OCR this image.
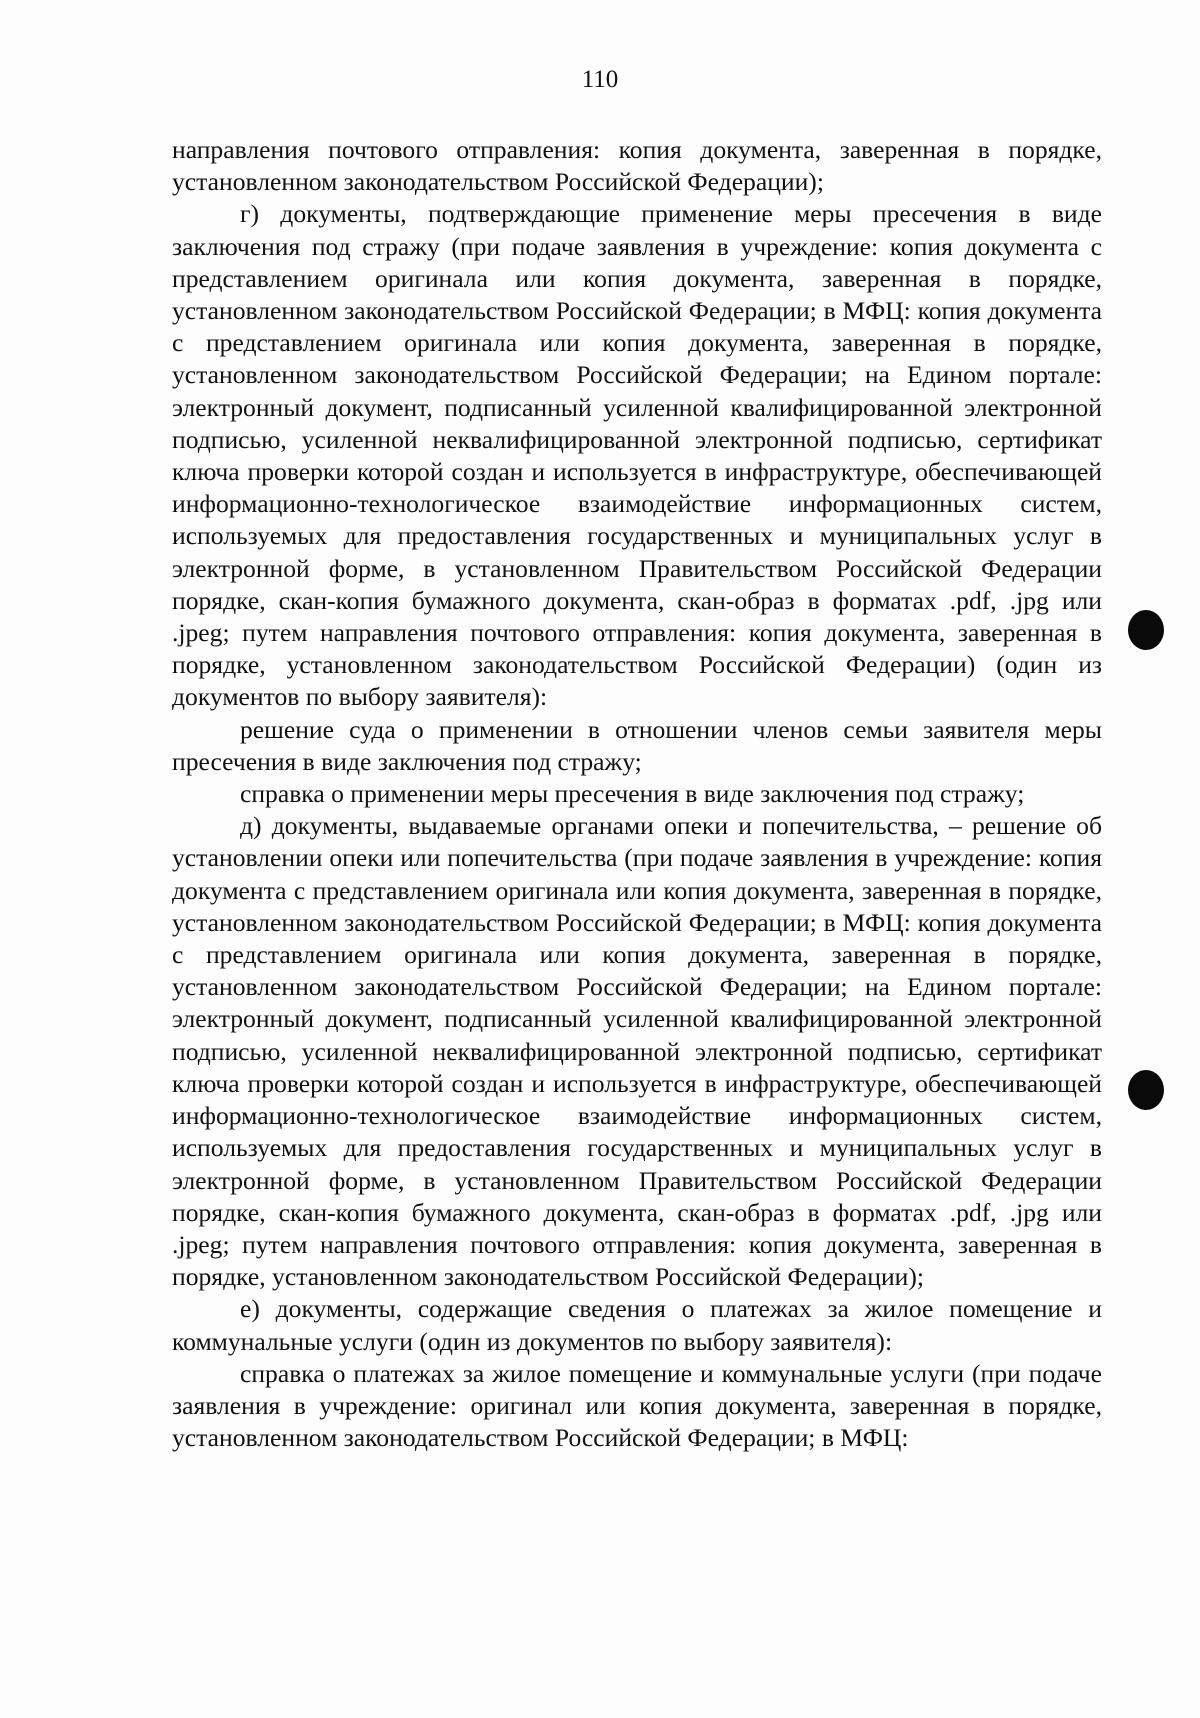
110

направления почтового отправления: копия документа, заверенная в порядке, установленном законодательством Российской Федерации);

г) документы, подтверждающие применение меры пресечения в виде заключения под стражу (при подаче заявления в учреждение: копия документа с представлением оригинала или копия документа, заверенная в порядке, установленном законодательством Российской Федерации; в МФЦ: копия документа с представлением оригинала или копия документа, заверенная в порядке, установленном законодательством Российской Федерации; на Едином портале: электронный документ, подписанный усиленной квалифицированной электронной подписью, усиленной неквалифицированной электронной подписью, сертификат ключа проверки которой создан и используется в инфраструктуре, обеспечивающей информационно-технологическое взаимодействие информационных систем, используемых для предоставления государственных и муниципальных услуг в электронной форме, в установленном Правительством Российской Федерации порядке, скан-копия бумажного документа, скан-образ в форматах .pdf, .jpg или .jpeg; путем направления почтового отправления: копия документа, заверенная в порядке, установленном законодательством Российской Федерации) (один из документов по выбору заявителя):

решение суда о применении в отношении членов семьи заявителя меры пресечения в виде заключения под стражу;

справка о применении меры пресечения в виде заключения под стражу;

д) документы, выдаваемые органами опеки и попечительства, – решение об установлении опеки или попечительства (при подаче заявления в учреждение: копия документа с представлением оригинала или копия документа, заверенная в порядке, установленном законодательством Российской Федерации; в МФЦ: копия документа с представлением оригинала или копия документа, заверенная в порядке, установленном законодательством Российской Федерации; на Едином портале: электронный документ, подписанный усиленной квалифицированной электронной подписью, усиленной неквалифицированной электронной подписью, сертификат ключа проверки которой создан и используется в инфраструктуре, обеспечивающей информационно-технологическое взаимодействие информационных систем, используемых для предоставления государственных и муниципальных услуг в электронной форме, в установленном Правительством Российской Федерации порядке, скан-копия бумажного документа, скан-образ в форматах .pdf, .jpg или .jpeg; путем направления почтового отправления: копия документа, заверенная в порядке, установленном законодательством Российской Федерации);

е) документы, содержащие сведения о платежах за жилое помещение и коммунальные услуги (один из документов по выбору заявителя):

справка о платежах за жилое помещение и коммунальные услуги (при подаче заявления в учреждение: оригинал или копия документа, заверенная в порядке, установленном законодательством Российской Федерации; в МФЦ:
